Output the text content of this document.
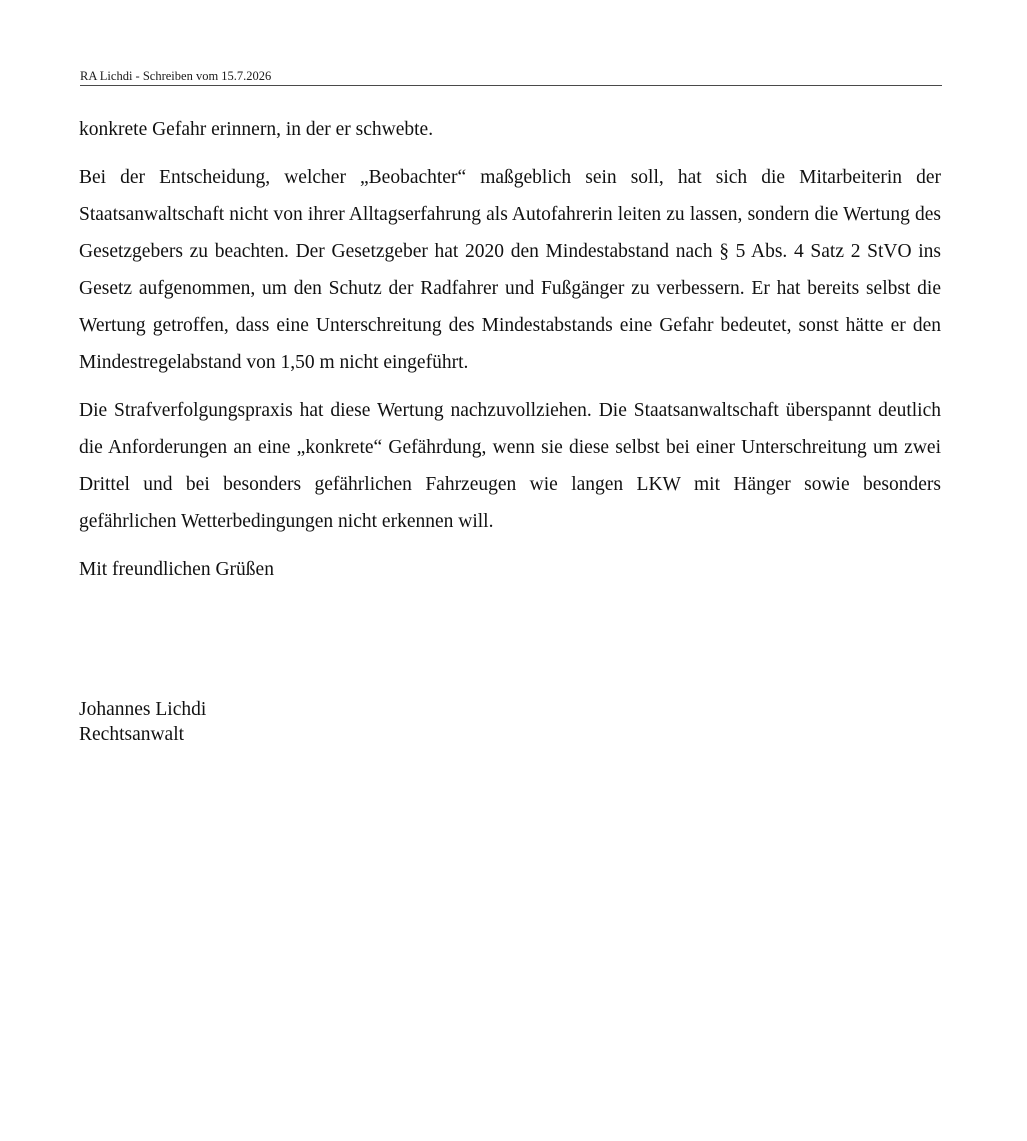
RA Lichdi - Schreiben vom 15.7.2026

konkrete Gefahr erinnern, in der er schwebte.

Bei der Entscheidung, welcher „Beobachter“ maßgeblich sein soll, hat sich die Mitarbeiterin der Staatsanwaltschaft nicht von ihrer Alltagserfahrung als Autofahrerin leiten zu lassen, sondern die Wertung des Gesetzgebers zu beachten. Der Gesetzgeber hat 2020 den Mindestabstand nach § 5 Abs. 4 Satz 2 StVO ins Gesetz aufgenommen, um den Schutz der Radfahrer und Fußgänger zu verbessern. Er hat bereits selbst die Wertung getroffen, dass eine Unterschreitung des Mindestabstands eine Gefahr bedeutet, sonst hätte er den Mindestregelabstand von 1,50 m nicht eingeführt.

Die Strafverfolgungspraxis hat diese Wertung nachzuvollziehen. Die Staatsanwaltschaft überspannt deutlich die Anforderungen an eine „konkrete“ Gefährdung, wenn sie diese selbst bei einer Unterschreitung um zwei Drittel und bei besonders gefährlichen Fahrzeugen wie langen LKW mit Hänger sowie besonders gefährlichen Wetterbedingungen nicht erkennen will.

Mit freundlichen Grüßen

Johannes Lichdi
Rechtsanwalt
